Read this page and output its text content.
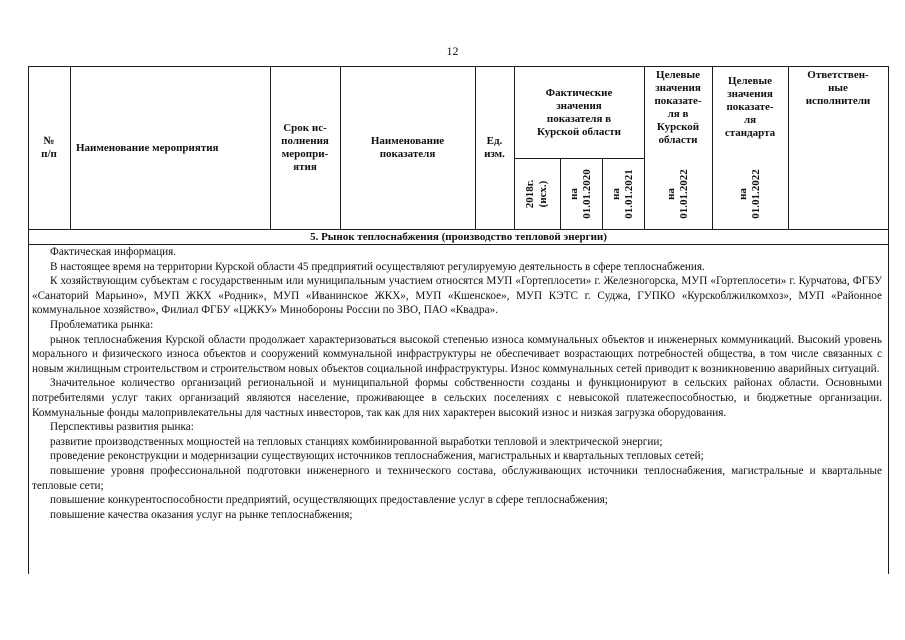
12
№
п/п
Наименование мероприятия
Срок ис-
полнения
меропри-
ятия
Наименование
показателя
Ед.
изм.
Фактические
значения
показателя в
Курской области
Целевые
значения
показате-
ля в
Курской
области
Целевые
значения
показате-
ля
стандарта
Ответствен-
ные
исполнители
2018г.
(исх.) на
01.01.2020 на
01.01.2021	на
01.01.2022	на
01.01.2022
5. Рынок теплоснабжения (производство тепловой энергии)

Фактическая информация.

В настоящее время на территории Курской области 45 предприятий осуществляют регулируемую деятельность в сфере теплоснабжения.

К хозяйствующим субъектам с государственным или муниципальным участием относятся МУП «Гортеплосети» г. Железногорска, МУП «Гортеплосети» г. Курчатова, ФГБУ «Санаторий Марьино», МУП ЖКХ «Родник», МУП «Иванинское ЖКХ», МУП «Кшенское», МУП КЭТС г. Суджа, ГУПКО «Курскоблжилкомхоз», МУП «Районное коммунальное хозяйство», Филиал ФГБУ «ЦЖКУ» Минобороны России по ЗВО, ПАО «Квадра».

Проблематика рынка:

рынок теплоснабжения Курской области продолжает характеризоваться высокой степенью износа коммунальных объектов и инженерных коммуникаций. Высокий уровень морального и физического износа объектов и сооружений коммунальной инфраструктуры не обеспечивает возрастающих потребностей общества, в том числе связанных с новым жилищным строительством и строительством новых объектов социальной инфраструктуры. Износ коммунальных сетей приводит к возникновению аварийных ситуаций.

Значительное количество организаций региональной и муниципальной формы собственности созданы и функционируют в сельских районах области. Основными потребителями услуг таких организаций являются население, проживающее в сельских поселениях с невысокой платежеспособностью, и бюджетные организации. Коммунальные фонды малопривлекательны для частных инвесторов, так как для них характерен высокий износ и низкая загрузка оборудования.

Перспективы развития рынка:

развитие производственных мощностей на тепловых станциях комбинированной выработки тепловой и электрической энергии;

проведение реконструкции и модернизации существующих источников теплоснабжения, магистральных и квартальных тепловых сетей;

повышение уровня профессиональной подготовки инженерного и технического состава, обслуживающих источники теплоснабжения, магистральные и квартальные тепловые сети;

повышение конкурентоспособности предприятий, осуществляющих предоставление услуг в сфере теплоснабжения;

повышение качества оказания услуг на рынке теплоснабжения;
